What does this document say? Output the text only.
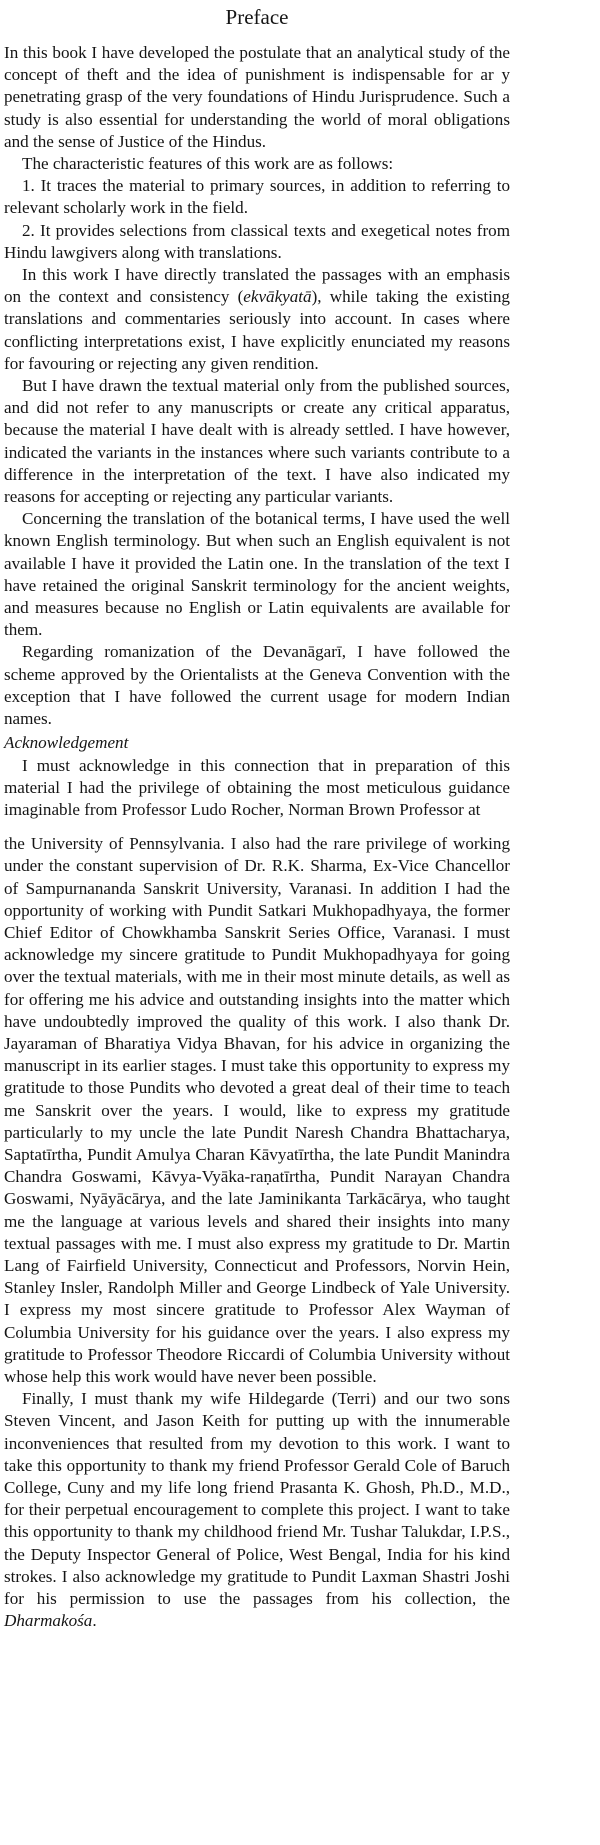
Preface

In this book I have developed the postulate that an analytical study of the concept of theft and the idea of punishment is indispensable for ar y penetrating grasp of the very foundations of Hindu Jurisprudence. Such a study is also essential for understanding the world of moral obligations and the sense of Justice of the Hindus.

The characteristic features of this work are as follows:

1. It traces the material to primary sources, in addition to referring to relevant scholarly work in the field.

2. It provides selections from classical texts and exegetical notes from Hindu lawgivers along with translations.

In this work I have directly translated the passages with an emphasis on the context and consistency (ekvākyatā), while taking the existing translations and commentaries seriously into account. In cases where conflicting interpretations exist, I have explicitly enunciated my reasons for favouring or rejecting any given rendition.

But I have drawn the textual material only from the published sources, and did not refer to any manuscripts or create any critical apparatus, because the material I have dealt with is already settled. I have however, indicated the variants in the instances where such variants contribute to a difference in the interpretation of the text. I have also indicated my reasons for accepting or rejecting any particular variants.

Concerning the translation of the botanical terms, I have used the well known English terminology. But when such an English equivalent is not available I have it provided the Latin one. In the translation of the text I have retained the original Sanskrit terminology for the ancient weights, and measures because no English or Latin equivalents are available for them.

Regarding romanization of the Devanāgarī, I have followed the scheme approved by the Orientalists at the Geneva Convention with the exception that I have followed the current usage for modern Indian names.

Acknowledgement

I must acknowledge in this connection that in preparation of this material I had the privilege of obtaining the most meticulous guidance imaginable from Professor Ludo Rocher, Norman Brown Professor at

the University of Pennsylvania. I also had the rare privilege of working under the constant supervision of Dr. R.K. Sharma, Ex-Vice Chancellor of Sampurnananda Sanskrit University, Varanasi. In addition I had the opportunity of working with Pundit Satkari Mukhopadhyaya, the former Chief Editor of Chowkhamba Sanskrit Series Office, Varanasi. I must acknowledge my sincere gratitude to Pundit Mukhopadhyaya for going over the textual materials, with me in their most minute details, as well as for offering me his advice and outstanding insights into the matter which have undoubtedly improved the quality of this work. I also thank Dr. Jayaraman of Bharatiya Vidya Bhavan, for his advice in organizing the manuscript in its earlier stages. I must take this opportunity to express my gratitude to those Pundits who devoted a great deal of their time to teach me Sanskrit over the years. I would, like to express my gratitude particularly to my uncle the late Pundit Naresh Chandra Bhattacharya, Saptatīrtha, Pundit Amulya Charan Kāvyatīrtha, the late Pundit Manindra Chandra Goswami, Kāvya-Vyāka-raṇatīrtha, Pundit Narayan Chandra Goswami, Nyāyācārya, and the late Jaminikanta Tarkācārya, who taught me the language at various levels and shared their insights into many textual passages with me. I must also express my gratitude to Dr. Martin Lang of Fairfield University, Connecticut and Professors, Norvin Hein, Stanley Insler, Randolph Miller and George Lindbeck of Yale University. I express my most sincere gratitude to Professor Alex Wayman of Columbia University for his guidance over the years. I also express my gratitude to Professor Theodore Riccardi of Columbia University without whose help this work would have never been possible.

Finally, I must thank my wife Hildegarde (Terri) and our two sons Steven Vincent, and Jason Keith for putting up with the innumerable inconveniences that resulted from my devotion to this work. I want to take this opportunity to thank my friend Professor Gerald Cole of Baruch College, Cuny and my life long friend Prasanta K. Ghosh, Ph.D., M.D., for their perpetual encouragement to complete this project. I want to take this opportunity to thank my childhood friend Mr. Tushar Talukdar, I.P.S., the Deputy Inspector General of Police, West Bengal, India for his kind strokes. I also acknowledge my gratitude to Pundit Laxman Shastri Joshi for his permission to use the passages from his collection, the Dharmakośa.
